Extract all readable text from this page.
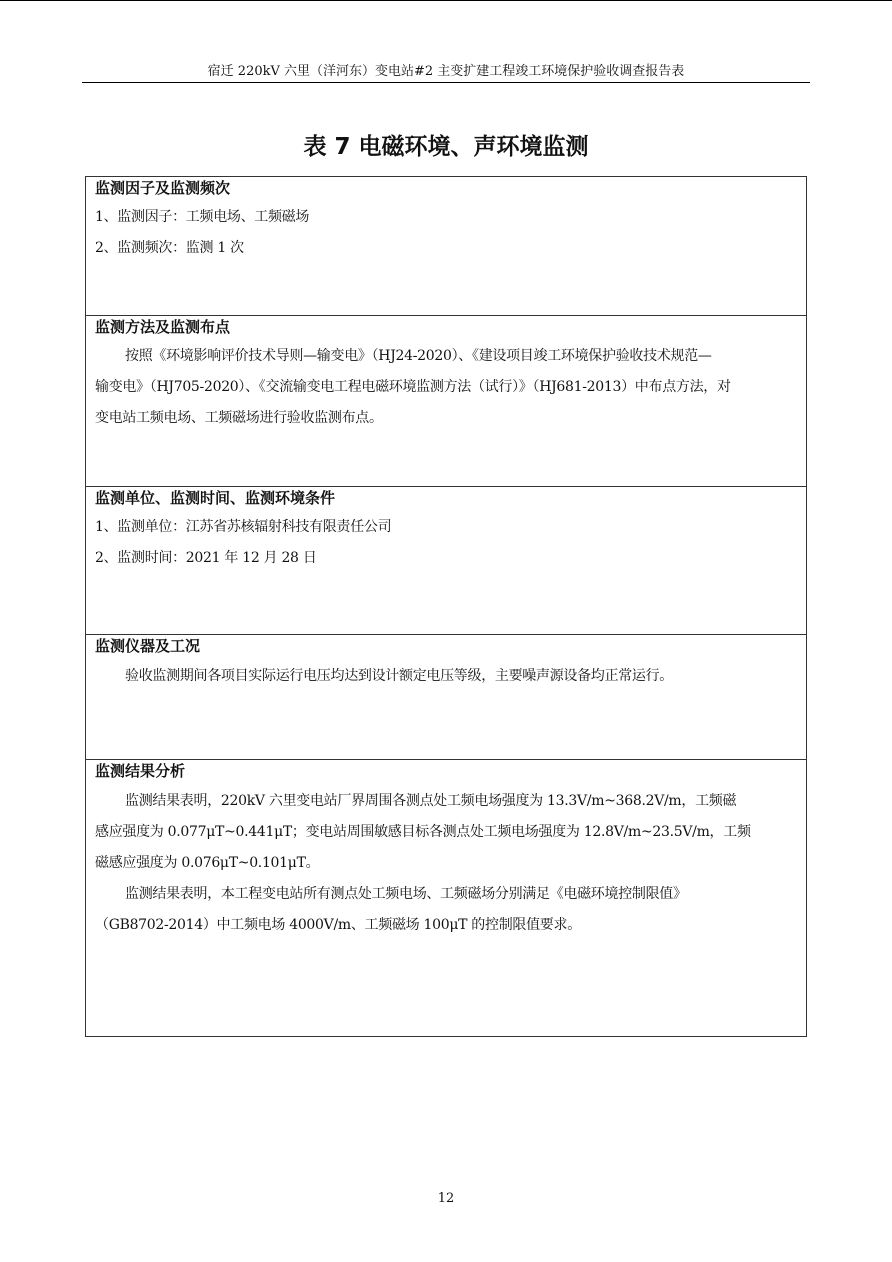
宿迁 220kV 六里（洋河东）变电站#2 主变扩建工程竣工环境保护验收调查报告表
表 7 电磁环境、声环境监测
监测因子及监测频次
1、监测因子：工频电场、工频磁场
2、监测频次：监测 1 次
监测方法及监测布点
按照《环境影响评价技术导则—输变电》（HJ24-2020）、《建设项目竣工环境保护验收技术规范—
输变电》（HJ705-2020）、《交流输变电工程电磁环境监测方法（试行）》（HJ681-2013）中布点方法，对
变电站工频电场、工频磁场进行验收监测布点。
监测单位、监测时间、监测环境条件
1、监测单位：江苏省苏核辐射科技有限责任公司
2、监测时间：2021 年 12 月 28 日
监测仪器及工况
验收监测期间各项目实际运行电压均达到设计额定电压等级，主要噪声源设备均正常运行。
监测结果分析
监测结果表明，220kV 六里变电站厂界周围各测点处工频电场强度为 13.3V/m~368.2V/m，工频磁
感应强度为 0.077μT~0.441μT；变电站周围敏感目标各测点处工频电场强度为 12.8V/m~23.5V/m，工频
磁感应强度为 0.076μT~0.101μT。
监测结果表明，本工程变电站所有测点处工频电场、工频磁场分别满足《电磁环境控制限值》
（GB8702-2014）中工频电场 4000V/m、工频磁场 100μT 的控制限值要求。
12
